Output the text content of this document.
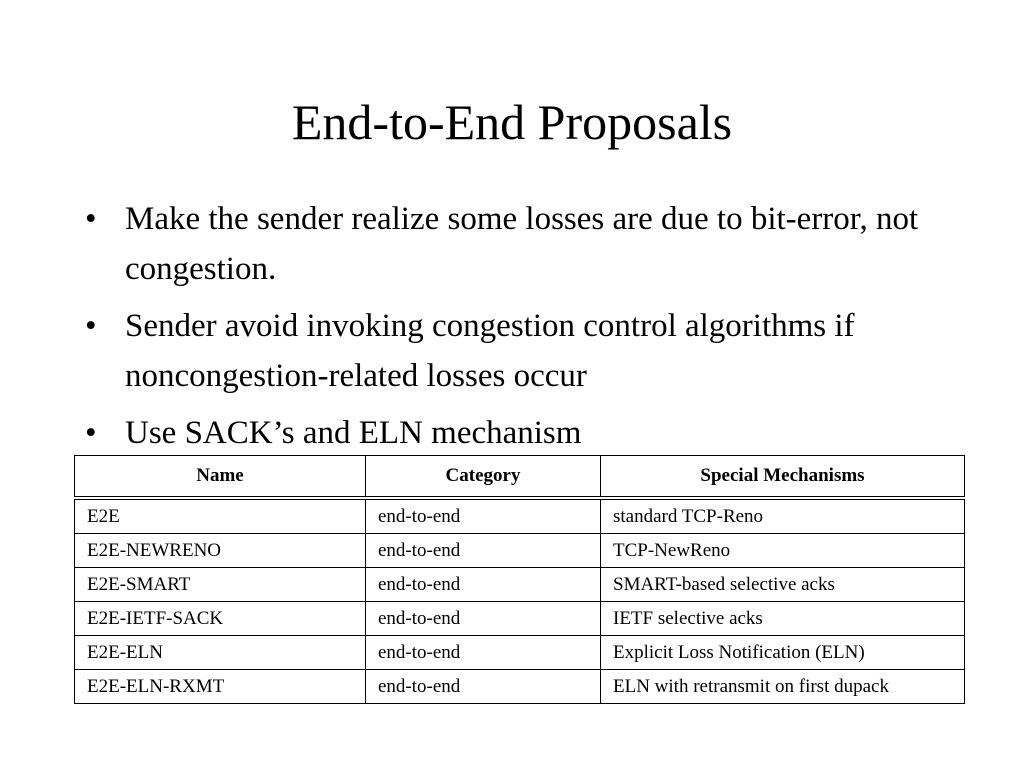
End-to-End Proposals
• Make the sender realize some losses are due to bit-error, not congestion.
• Sender avoid invoking congestion control algorithms if noncongestion-related losses occur
• Use SACK’s and ELN mechanism
Name	Category	Special Mechanisms
E2E	end-to-end	standard TCP-Reno
E2E-NEWRENO	end-to-end	TCP-NewReno
E2E-SMART	end-to-end	SMART-based selective acks
E2E-IETF-SACK	end-to-end	IETF selective acks
E2E-ELN	end-to-end	Explicit Loss Notification (ELN)
E2E-ELN-RXMT	end-to-end	ELN with retransmit on first dupack
